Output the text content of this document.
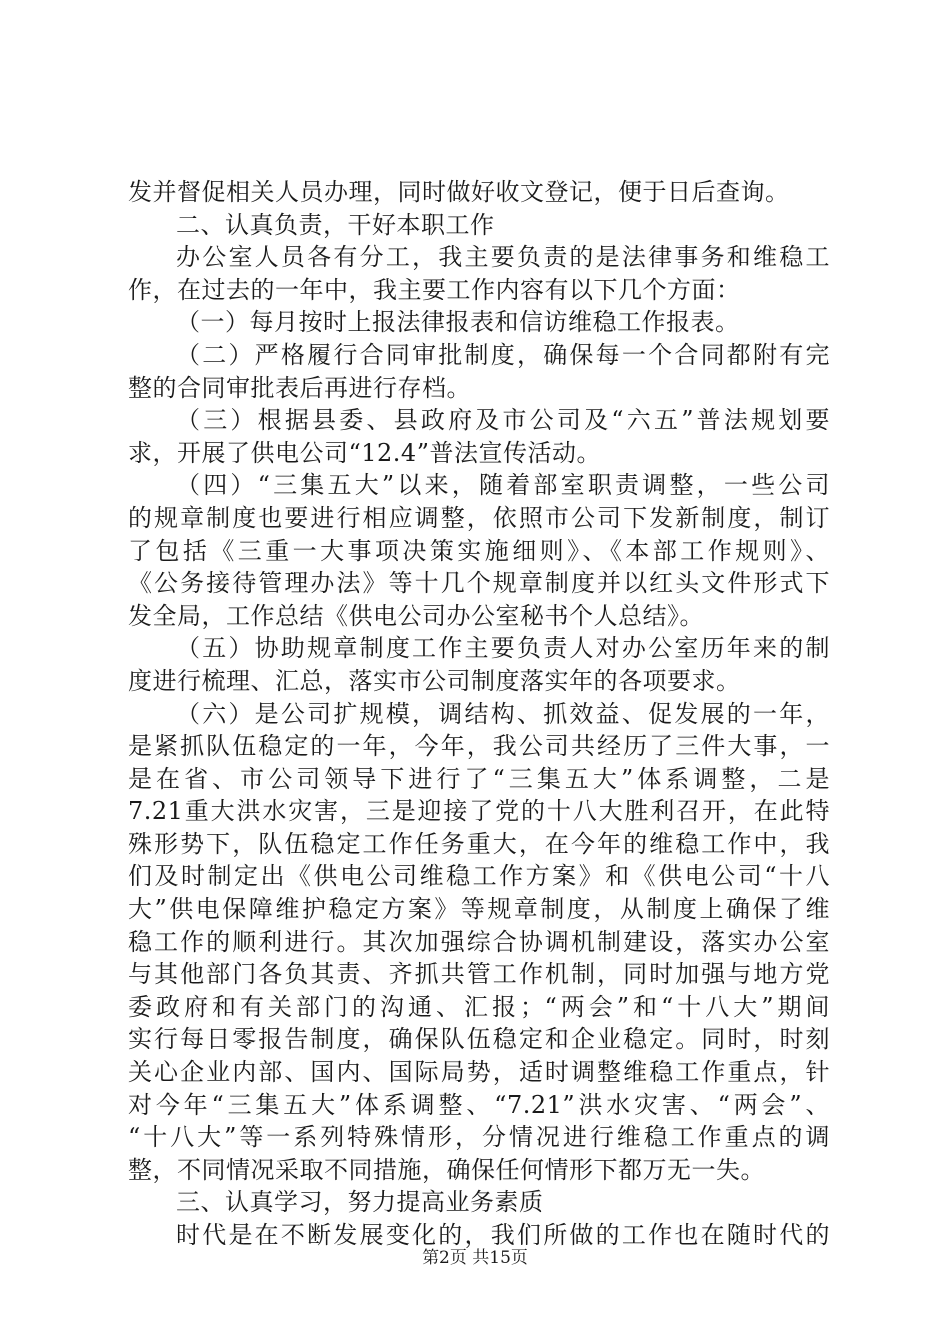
发并督促相关人员办理，同时做好收文登记，便于日后查询。
二、认真负责，干好本职工作
办公室人员各有分工，我主要负责的是法律事务和维稳工
作，在过去的一年中，我主要工作内容有以下几个方面：
（一）每月按时上报法律报表和信访维稳工作报表。
（二）严格履行合同审批制度，确保每一个合同都附有完
整的合同审批表后再进行存档。
（三）根据县委、县政府及市公司及“六五”普法规划要
求，开展了供电公司“12.4”普法宣传活动。
（四）“三集五大”以来，随着部室职责调整，一些公司
的规章制度也要进行相应调整，依照市公司下发新制度，制订
了包括《三重一大事项决策实施细则》、《本部工作规则》、
《公务接待管理办法》等十几个规章制度并以红头文件形式下
发全局，工作总结《供电公司办公室秘书个人总结》。
（五）协助规章制度工作主要负责人对办公室历年来的制
度进行梳理、汇总，落实市公司制度落实年的各项要求。
（六）是公司扩规模，调结构、抓效益、促发展的一年，
是紧抓队伍稳定的一年，今年，我公司共经历了三件大事，一
是在省、市公司领导下进行了“三集五大”体系调整，二是
7.21重大洪水灾害，三是迎接了党的十八大胜利召开，在此特
殊形势下，队伍稳定工作任务重大，在今年的维稳工作中，我
们及时制定出《供电公司维稳工作方案》和《供电公司“十八
大”供电保障维护稳定方案》等规章制度，从制度上确保了维
稳工作的顺利进行。其次加强综合协调机制建设，落实办公室
与其他部门各负其责、齐抓共管工作机制，同时加强与地方党
委政府和有关部门的沟通、汇报；“两会”和“十八大”期间
实行每日零报告制度，确保队伍稳定和企业稳定。同时，时刻
关心企业内部、国内、国际局势，适时调整维稳工作重点，针
对今年“三集五大”体系调整、“7.21”洪水灾害、“两会”、
“十八大”等一系列特殊情形，分情况进行维稳工作重点的调
整，不同情况采取不同措施，确保任何情形下都万无一失。
三、认真学习，努力提高业务素质
时代是在不断发展变化的，我们所做的工作也在随时代的
第2页 共15页
